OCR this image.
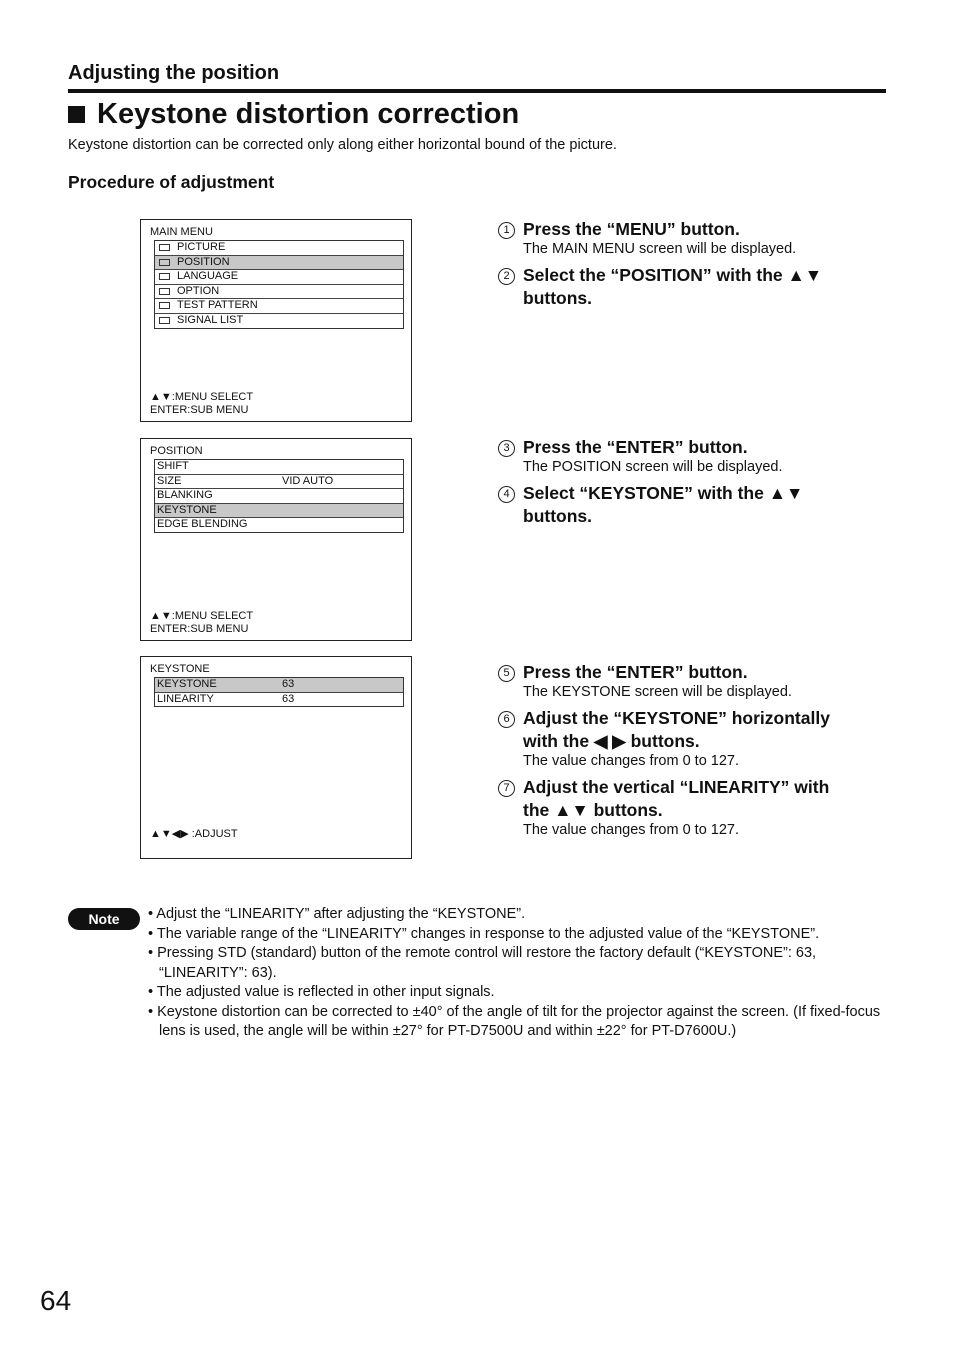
Adjusting the position
Keystone distortion correction
Keystone distortion can be corrected only along either horizontal bound of the picture.
Procedure of adjustment
MAIN MENU
PICTURE
POSITION
LANGUAGE
OPTION
TEST PATTERN
SIGNAL LIST
▲▼:MENU SELECT
ENTER:SUB MENU
POSITION
SHIFT
SIZE	VID AUTO
BLANKING
KEYSTONE
EDGE BLENDING
▲▼:MENU SELECT
ENTER:SUB MENU
KEYSTONE
KEYSTONE	63
LINEARITY	63
▲▼◀▶ :ADJUST
1 Press the “MENU” button.
The MAIN MENU screen will be displayed.
2 Select the “POSITION” with the ▲▼
buttons.
3 Press the “ENTER” button.
The POSITION screen will be displayed.
4 Select “KEYSTONE” with the ▲▼
buttons.
5 Press the “ENTER” button.
The KEYSTONE screen will be displayed.
6 Adjust the “KEYSTONE” horizontally
with the ◀ ▶ buttons.
The value changes from 0 to 127.
7 Adjust the vertical “LINEARITY” with
the ▲▼ buttons.
The value changes from 0 to 127.
Note	• Adjust the “LINEARITY” after adjusting the “KEYSTONE”.
• The variable range of the “LINEARITY” changes in response to the adjusted value of the “KEYSTONE”.
• Pressing STD (standard) button of the remote control will restore the factory default (“KEYSTONE”: 63, “LINEARITY”: 63).
• The adjusted value is reflected in other input signals.
• Keystone distortion can be corrected to ±40° of the angle of tilt for the projector against the screen. (If fixed-focus lens is used, the angle will be within ±27° for PT-D7500U and within ±22° for PT-D7600U.)
64
